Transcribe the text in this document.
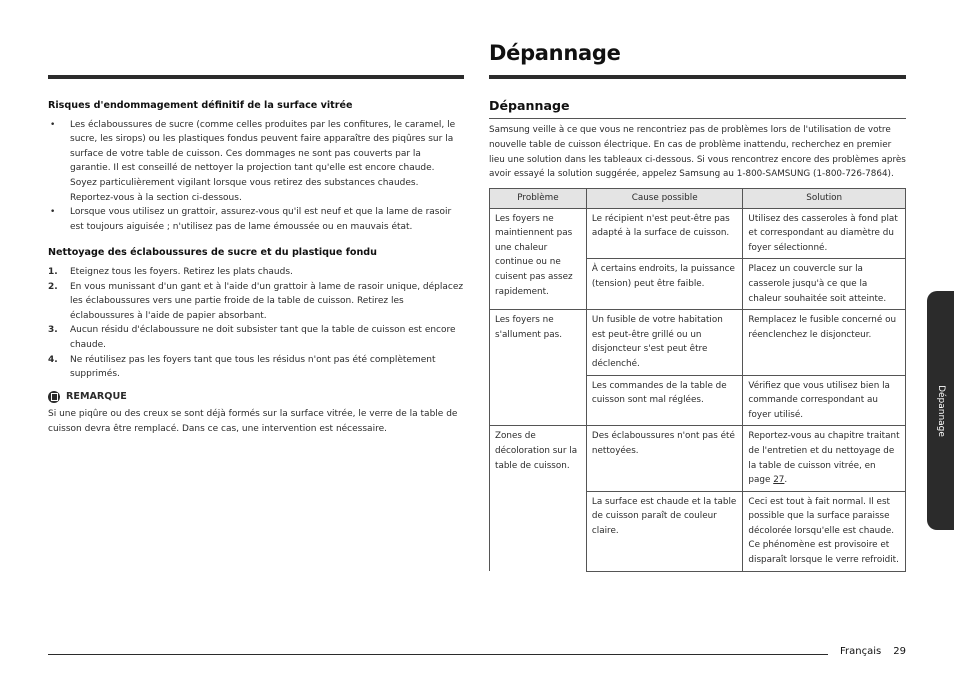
Dépannage

Risques d'endommagement définitif de la surface vitrée

• Les éclaboussures de sucre (comme celles produites par les confitures, le caramel, le sucre, les sirops) ou les plastiques fondus peuvent faire apparaître des piqûres sur la surface de votre table de cuisson. Ces dommages ne sont pas couverts par la garantie. Il est conseillé de nettoyer la projection tant qu'elle est encore chaude. Soyez particulièrement vigilant lorsque vous retirez des substances chaudes. Reportez-vous à la section ci-dessous.
• Lorsque vous utilisez un grattoir, assurez-vous qu'il est neuf et que la lame de rasoir est toujours aiguisée ; n'utilisez pas de lame émoussée ou en mauvais état.

Nettoyage des éclaboussures de sucre et du plastique fondu

1. Eteignez tous les foyers. Retirez les plats chauds.
2. En vous munissant d'un gant et à l'aide d'un grattoir à lame de rasoir unique, déplacez les éclaboussures vers une partie froide de la table de cuisson. Retirez les éclaboussures à l'aide de papier absorbant.
3. Aucun résidu d'éclaboussure ne doit subsister tant que la table de cuisson est encore chaude.
4. Ne réutilisez pas les foyers tant que tous les résidus n'ont pas été complètement supprimés.
REMARQUE

Si une piqûre ou des creux se sont déjà formés sur la surface vitrée, le verre de la table de cuisson devra être remplacé. Dans ce cas, une intervention est nécessaire.

Dépannage

Samsung veille à ce que vous ne rencontriez pas de problèmes lors de l'utilisation de votre nouvelle table de cuisson électrique. En cas de problème inattendu, recherchez en premier lieu une solution dans les tableaux ci-dessous. Si vous rencontrez encore des problèmes après avoir essayé la solution suggérée, appelez Samsung au 1-800-SAMSUNG (1-800-726-7864).

Problème	Cause possible	Solution
Les foyers ne maintiennent pas une chaleur continue ou ne cuisent pas assez rapidement.	Le récipient n'est peut-être pas adapté à la surface de cuisson.	Utilisez des casseroles à fond plat et correspondant au diamètre du foyer sélectionné.
	À certains endroits, la puissance (tension) peut être faible.	Placez un couvercle sur la casserole jusqu'à ce que la chaleur souhaitée soit atteinte.
Les foyers ne s'allument pas.	Un fusible de votre habitation est peut-être grillé ou un disjoncteur s'est peut être déclenché.	Remplacez le fusible concerné ou réenclenchez le disjoncteur.
	Les commandes de la table de cuisson sont mal réglées.	Vérifiez que vous utilisez bien la commande correspondant au foyer utilisé.
Zones de décoloration sur la table de cuisson.	Des éclaboussures n'ont pas été nettoyées.	Reportez-vous au chapitre traitant de l'entretien et du nettoyage de la table de cuisson vitrée, en page 27.
	La surface est chaude et la table de cuisson paraît de couleur claire.	Ceci est tout à fait normal. Il est possible que la surface paraisse décolorée lorsqu'elle est chaude. Ce phénomène est provisoire et disparaît lorsque le verre refroidit.
Dépannage
Français 29
